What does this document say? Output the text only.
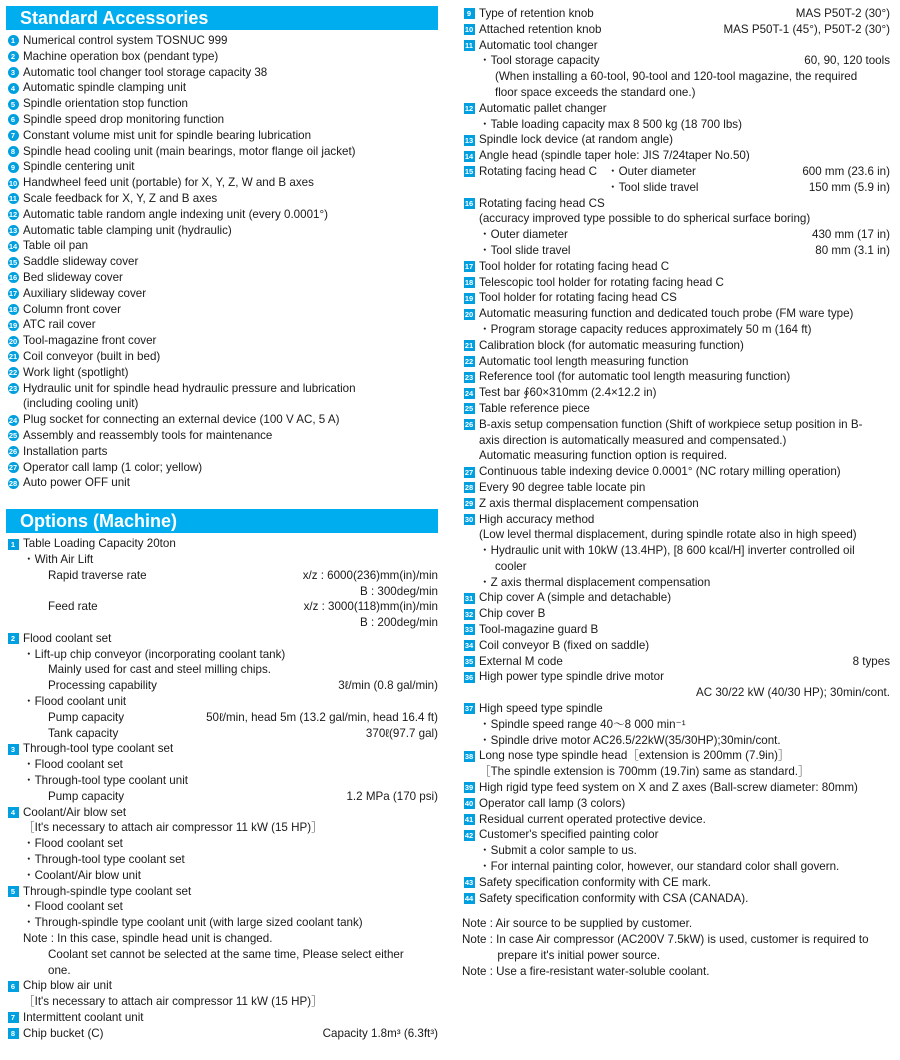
Standard Accessories
1 Numerical control system TOSNUC 999
2 Machine operation box (pendant type)
3 Automatic tool changer tool storage capacity 38
4 Automatic spindle clamping unit
5 Spindle orientation stop function
6 Spindle speed drop monitoring function
7 Constant volume mist unit for spindle bearing lubrication
8 Spindle head cooling unit (main bearings, motor flange oil jacket)
9 Spindle centering unit
10 Handwheel feed unit (portable) for X, Y, Z, W and B axes
11 Scale feedback for X, Y, Z and B axes
12 Automatic table random angle indexing unit (every 0.0001°)
13 Automatic table clamping unit (hydraulic)
14 Table oil pan
15 Saddle slideway cover
16 Bed slideway cover
17 Auxiliary slideway cover
18 Column front cover
19 ATC rail cover
20 Tool-magazine front cover
21 Coil conveyor (built in bed)
22 Work light (spotlight)
23 Hydraulic unit for spindle head hydraulic pressure and lubrication
(including cooling unit)
24 Plug socket for connecting an external device (100 V AC, 5 A)
25 Assembly and reassembly tools for maintenance
26 Installation parts
27 Operator call lamp (1 color; yellow)
28 Auto power OFF unit
Options (Machine)
1 Table Loading Capacity 20ton
・With Air Lift
Rapid traverse rate	x/z : 6000(236)mm(in)/min
B : 300deg/min
Feed rate	x/z : 3000(118)mm(in)/min
B : 200deg/min
2 Flood coolant set
・Lift-up chip conveyor (incorporating coolant tank)
Mainly used for cast and steel milling chips.
Processing capability	3ℓ/min (0.8 gal/min)
・Flood coolant unit
Pump capacity	50ℓ/min, head 5m (13.2 gal/min, head 16.4 ft)
Tank capacity	370ℓ(97.7 gal)
3 Through-tool type coolant set
・Flood coolant set
・Through-tool type coolant unit
Pump capacity	1.2 MPa (170 psi)
4 Coolant/Air blow set
［It's necessary to attach air compressor 11 kW (15 HP)］
・Flood coolant set
・Through-tool type coolant set
・Coolant/Air blow unit
5 Through-spindle type coolant set
・Flood coolant set
・Through-spindle type coolant unit (with large sized coolant tank)
Note : In this case, spindle head unit is changed.
Coolant set cannot be selected at the same time, Please select either
one.
6 Chip blow air unit
［It's necessary to attach air compressor 11 kW (15 HP)］
7 Intermittent coolant unit
8 Chip bucket (C)	Capacity 1.8m³ (6.3ft³)
9 Type of retention knob	MAS P50T-2 (30°)
10 Attached retention knob	MAS P50T-1 (45°), P50T-2 (30°)
11 Automatic tool changer
・Tool storage capacity	60, 90, 120 tools
(When installing a 60-tool, 90-tool and 120-tool magazine, the required
floor space exceeds the standard one.)
12 Automatic pallet changer
・Table loading capacity max 8 500 kg (18 700 lbs)
13 Spindle lock device (at random angle)
14 Angle head (spindle taper hole: JIS 7/24taper No.50)
15 Rotating facing head C ・Outer diameter	600 mm (23.6 in)
・Tool slide travel	150 mm (5.9 in)
16 Rotating facing head CS
(accuracy improved type possible to do spherical surface boring)
・Outer diameter	430 mm (17 in)
・Tool slide travel	80 mm (3.1 in)
17 Tool holder for rotating facing head C
18 Telescopic tool holder for rotating facing head C
19 Tool holder for rotating facing head CS
20 Automatic measuring function and dedicated touch probe (FM ware type)
・Program storage capacity reduces approximately 50 m (164 ft)
21 Calibration block (for automatic measuring function)
22 Automatic tool length measuring function
23 Reference tool (for automatic tool length measuring function)
24 Test bar ∮60×310mm (2.4×12.2 in)
25 Table reference piece
26 B-axis setup compensation function (Shift of workpiece setup position in B-
axis direction is automatically measured and compensated.)
Automatic measuring function option is required.
27 Continuous table indexing device 0.0001° (NC rotary milling operation)
28 Every 90 degree table locate pin
29 Z axis thermal displacement compensation
30 High accuracy method
(Low level thermal displacement, during spindle rotate also in high speed)
・Hydraulic unit with 10kW (13.4HP), [8 600 kcal/H] inverter controlled oil
cooler
・Z axis thermal displacement compensation
31 Chip cover A (simple and detachable)
32 Chip cover B
33 Tool-magazine guard B
34 Coil conveyor B (fixed on saddle)
35 External M code	8 types
36 High power type spindle drive motor
AC 30/22 kW (40/30 HP); 30min/cont.
37 High speed type spindle
・Spindle speed range 40～8 000 min⁻¹
・Spindle drive motor AC26.5/22kW(35/30HP);30min/cont.
38 Long nose type spindle head［extension is 200mm (7.9in)］
［The spindle extension is 700mm (19.7in) same as standard.］
39 High rigid type feed system on X and Z axes (Ball-screw diameter: 80mm)
40 Operator call lamp (3 colors)
41 Residual current operated protective device.
42 Customer's specified painting color
・Submit a color sample to us.
・For internal painting color, however, our standard color shall govern.
43 Safety specification conformity with CE mark.
44 Safety specification conformity with CSA (CANADA).
Note : Air source to be supplied by customer.
Note : In case Air compressor (AC200V 7.5kW) is used, customer is required to
prepare it's initial power source.
Note : Use a fire-resistant water-soluble coolant.
